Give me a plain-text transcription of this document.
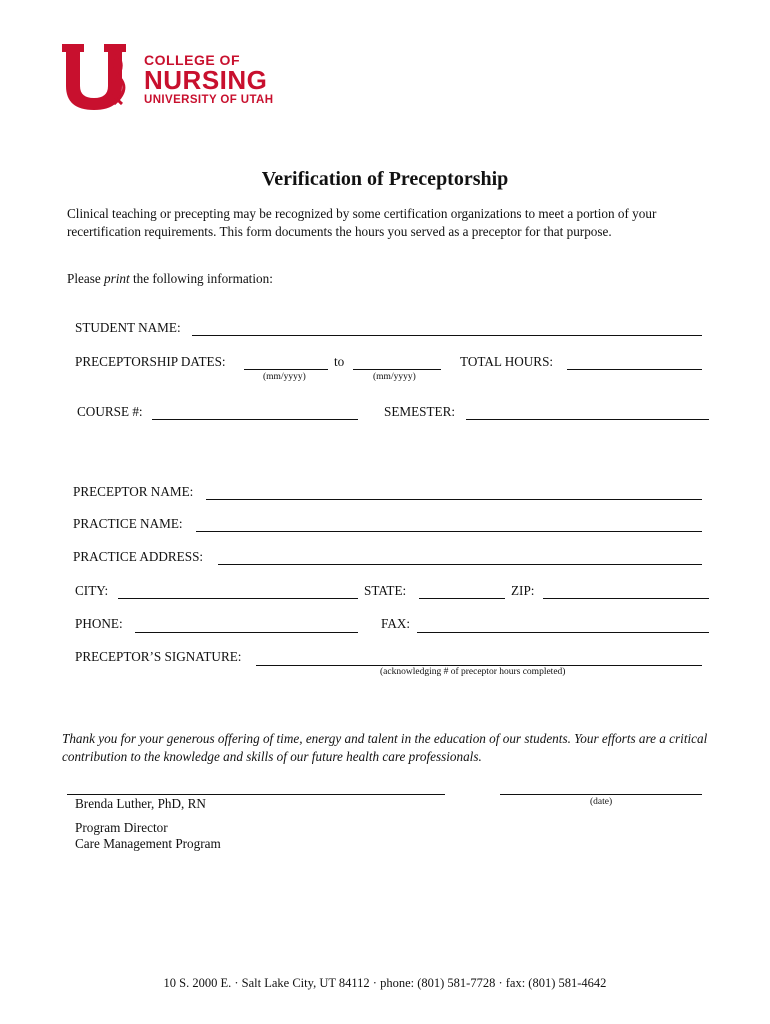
COLLEGE OF
NURSING
UNIVERSITY OF UTAH
Verification of Preceptorship
Clinical teaching or precepting may be recognized by some certification organizations to meet a portion of your recertification requirements. This form documents the hours you served as a preceptor for that purpose.
Please print the following information:
STUDENT NAME:
PRECEPTORSHIP DATES:
(mm/yyyy)
to
(mm/yyyy)
TOTAL HOURS:
COURSE #:	SEMESTER:
PRECEPTOR NAME:
PRACTICE NAME:
PRACTICE ADDRESS:
CITY:	STATE:	ZIP:
PHONE:	FAX:
PRECEPTOR’S SIGNATURE:
(acknowledging # of preceptor hours completed)
Thank you for your generous offering of time, energy and talent in the education of our students. Your efforts are a critical contribution to the knowledge and skills of our future health care professionals.
(date)
Brenda Luther, PhD, RN
Program Director
Care Management Program
10 S. 2000 E. · Salt Lake City, UT 84112 · phone: (801) 581-7728 · fax: (801) 581-4642
